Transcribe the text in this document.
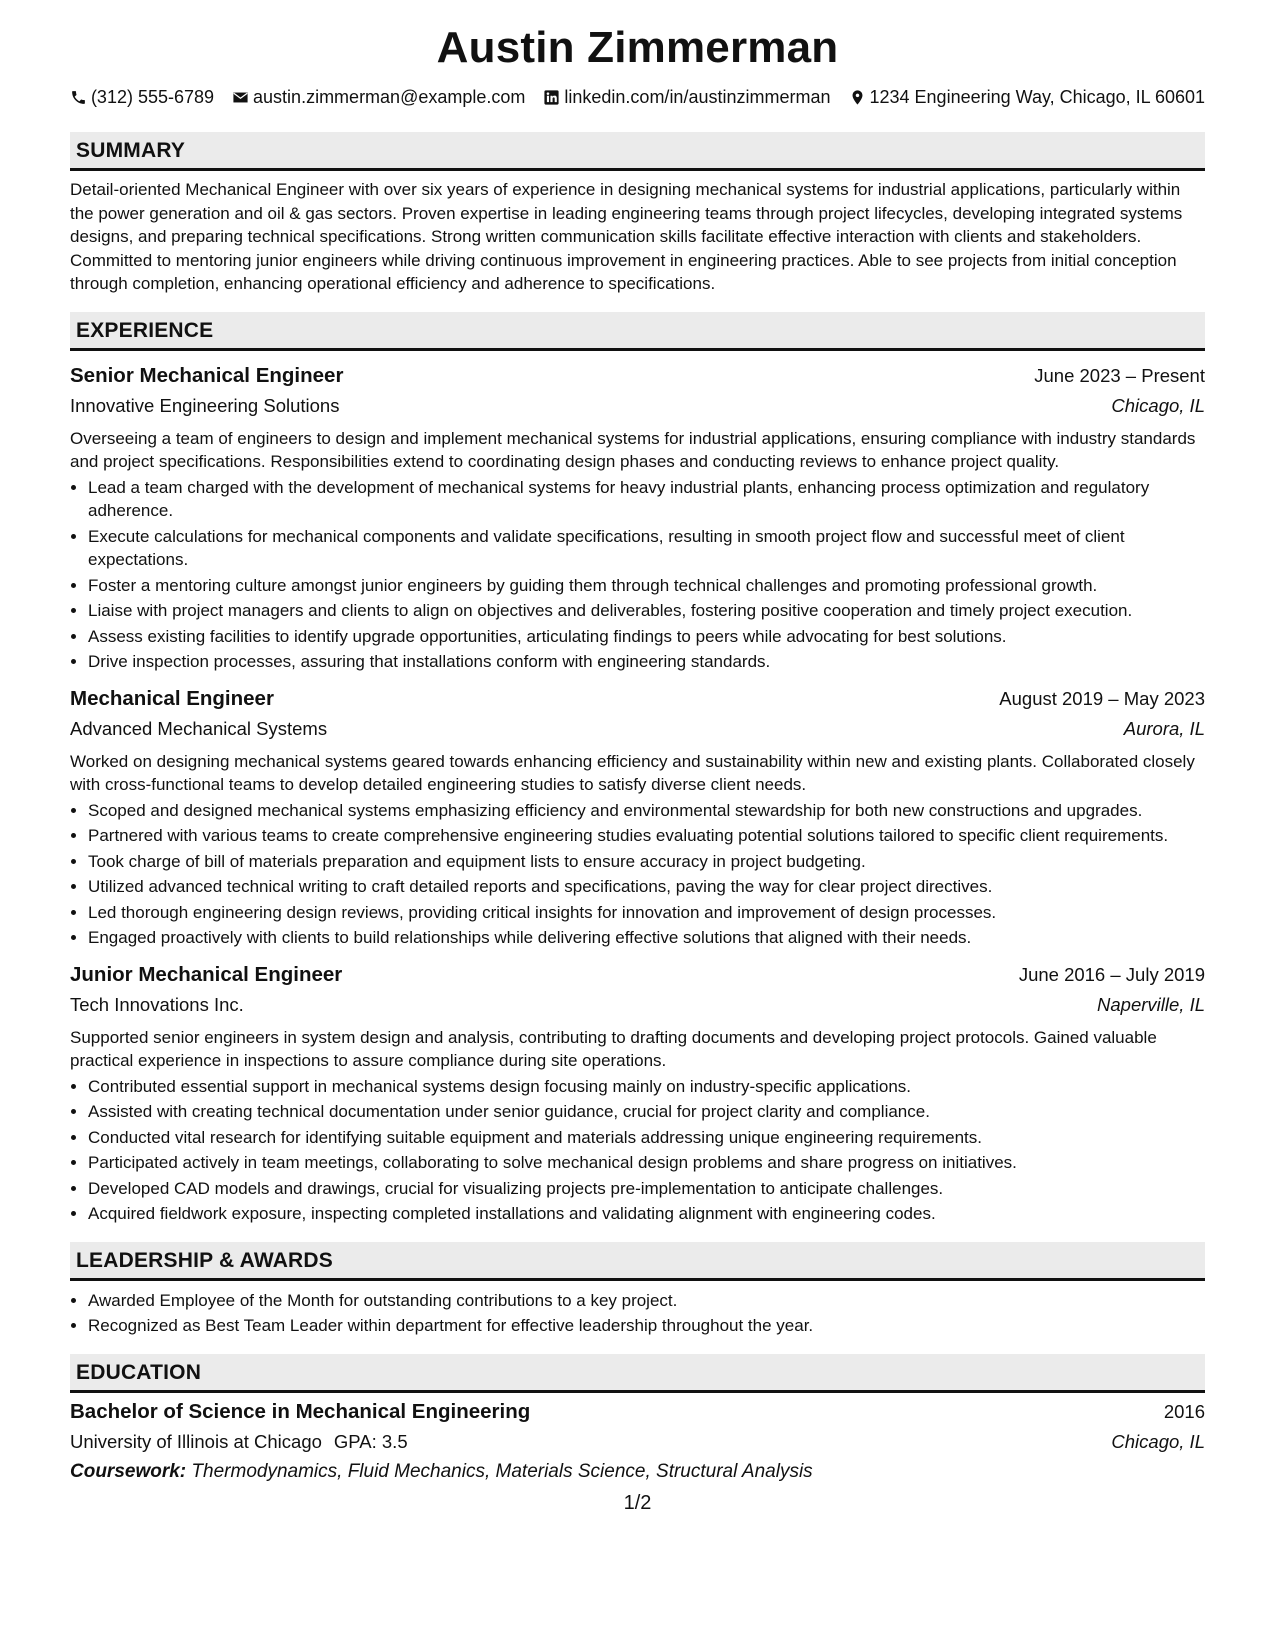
Austin Zimmerman
(312) 555-6789 austin.zimmerman@example.com linkedin.com/in/austinzimmerman 1234 Engineering Way, Chicago, IL 60601
SUMMARY
Detail-oriented Mechanical Engineer with over six years of experience in designing mechanical systems for industrial applications, particularly within the power generation and oil & gas sectors. Proven expertise in leading engineering teams through project lifecycles, developing integrated systems designs, and preparing technical specifications. Strong written communication skills facilitate effective interaction with clients and stakeholders. Committed to mentoring junior engineers while driving continuous improvement in engineering practices. Able to see projects from initial conception through completion, enhancing operational efficiency and adherence to specifications.
EXPERIENCE
Senior Mechanical Engineer	June 2023 – Present
Innovative Engineering Solutions	Chicago, IL
Overseeing a team of engineers to design and implement mechanical systems for industrial applications, ensuring compliance with industry standards and project specifications. Responsibilities extend to coordinating design phases and conducting reviews to enhance project quality.
• Lead a team charged with the development of mechanical systems for heavy industrial plants, enhancing process optimization and regulatory adherence.
• Execute calculations for mechanical components and validate specifications, resulting in smooth project flow and successful meet of client expectations.
• Foster a mentoring culture amongst junior engineers by guiding them through technical challenges and promoting professional growth.
• Liaise with project managers and clients to align on objectives and deliverables, fostering positive cooperation and timely project execution.
• Assess existing facilities to identify upgrade opportunities, articulating findings to peers while advocating for best solutions.
• Drive inspection processes, assuring that installations conform with engineering standards.
Mechanical Engineer	August 2019 – May 2023
Advanced Mechanical Systems	Aurora, IL
Worked on designing mechanical systems geared towards enhancing efficiency and sustainability within new and existing plants. Collaborated closely with cross-functional teams to develop detailed engineering studies to satisfy diverse client needs.
• Scoped and designed mechanical systems emphasizing efficiency and environmental stewardship for both new constructions and upgrades.
• Partnered with various teams to create comprehensive engineering studies evaluating potential solutions tailored to specific client requirements.
• Took charge of bill of materials preparation and equipment lists to ensure accuracy in project budgeting.
• Utilized advanced technical writing to craft detailed reports and specifications, paving the way for clear project directives.
• Led thorough engineering design reviews, providing critical insights for innovation and improvement of design processes.
• Engaged proactively with clients to build relationships while delivering effective solutions that aligned with their needs.
Junior Mechanical Engineer	June 2016 – July 2019
Tech Innovations Inc.	Naperville, IL
Supported senior engineers in system design and analysis, contributing to drafting documents and developing project protocols. Gained valuable practical experience in inspections to assure compliance during site operations.
• Contributed essential support in mechanical systems design focusing mainly on industry-specific applications.
• Assisted with creating technical documentation under senior guidance, crucial for project clarity and compliance.
• Conducted vital research for identifying suitable equipment and materials addressing unique engineering requirements.
• Participated actively in team meetings, collaborating to solve mechanical design problems and share progress on initiatives.
• Developed CAD models and drawings, crucial for visualizing projects pre-implementation to anticipate challenges.
• Acquired fieldwork exposure, inspecting completed installations and validating alignment with engineering codes.
LEADERSHIP & AWARDS
• Awarded Employee of the Month for outstanding contributions to a key project.
• Recognized as Best Team Leader within department for effective leadership throughout the year.
EDUCATION
Bachelor of Science in Mechanical Engineering	2016
University of Illinois at Chicago GPA: 3.5	Chicago, IL
Coursework: Thermodynamics, Fluid Mechanics, Materials Science, Structural Analysis
1/2
